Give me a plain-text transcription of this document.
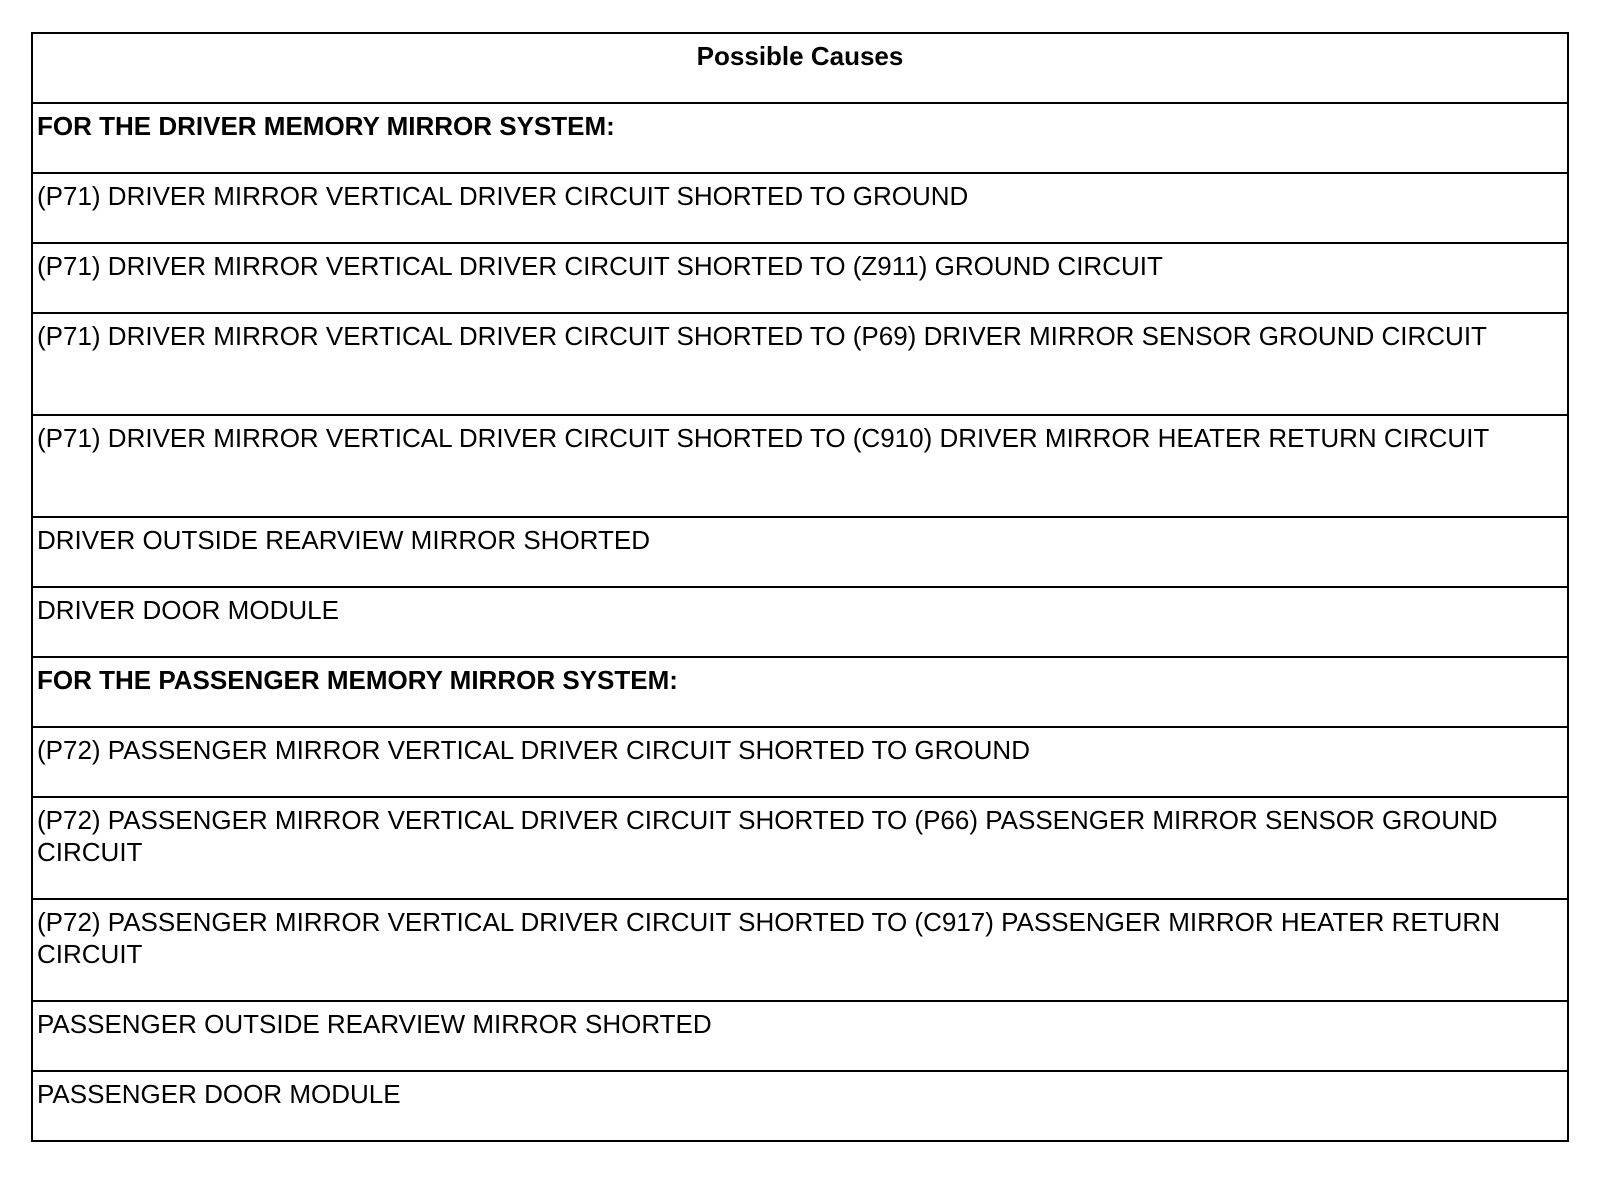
Possible Causes
FOR THE DRIVER MEMORY MIRROR SYSTEM:
(P71) DRIVER MIRROR VERTICAL DRIVER CIRCUIT SHORTED TO GROUND
(P71) DRIVER MIRROR VERTICAL DRIVER CIRCUIT SHORTED TO (Z911) GROUND CIRCUIT
(P71) DRIVER MIRROR VERTICAL DRIVER CIRCUIT SHORTED TO (P69) DRIVER MIRROR SENSOR GROUND CIRCUIT
(P71) DRIVER MIRROR VERTICAL DRIVER CIRCUIT SHORTED TO (C910) DRIVER MIRROR HEATER RETURN CIRCUIT
DRIVER OUTSIDE REARVIEW MIRROR SHORTED
DRIVER DOOR MODULE
FOR THE PASSENGER MEMORY MIRROR SYSTEM:
(P72) PASSENGER MIRROR VERTICAL DRIVER CIRCUIT SHORTED TO GROUND
(P72) PASSENGER MIRROR VERTICAL DRIVER CIRCUIT SHORTED TO (P66) PASSENGER MIRROR SENSOR GROUND CIRCUIT
(P72) PASSENGER MIRROR VERTICAL DRIVER CIRCUIT SHORTED TO (C917) PASSENGER MIRROR HEATER RETURN CIRCUIT
PASSENGER OUTSIDE REARVIEW MIRROR SHORTED
PASSENGER DOOR MODULE
